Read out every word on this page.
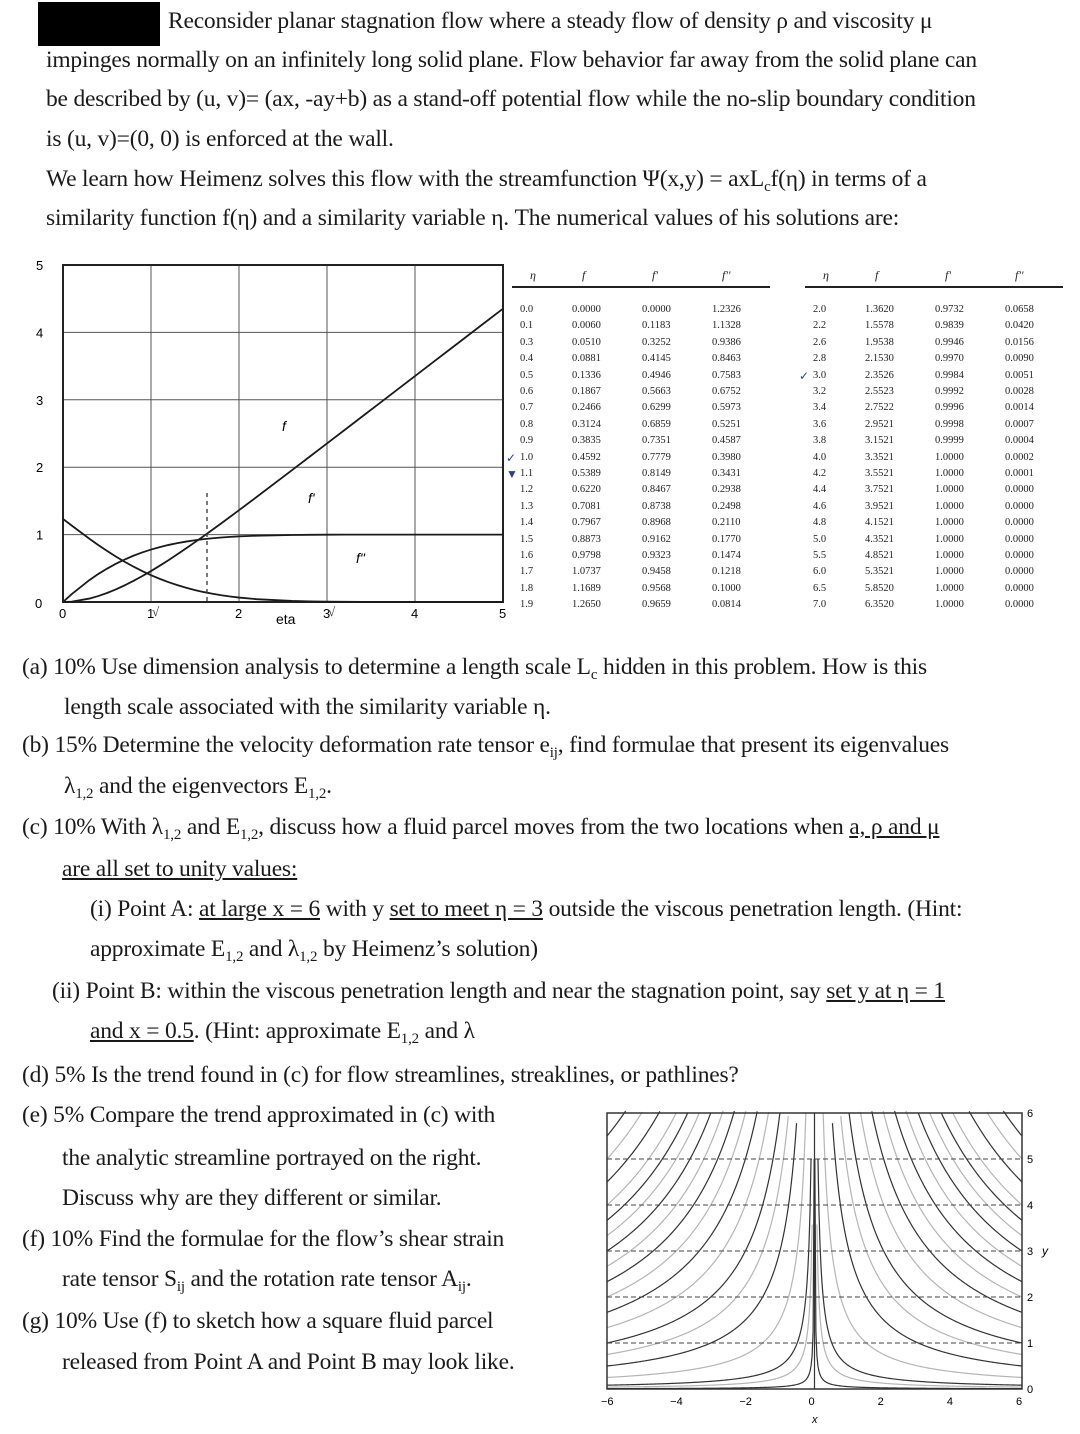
Reconsider planar stagnation flow where a steady flow of density ρ and viscosity μ
impinges normally on an infinitely long solid plane. Flow behavior far away from the solid plane can
be described by (u, v)= (ax, -ay+b) as a stand-off potential flow while the no-slip boundary condition
is (u, v)=(0, 0) is enforced at the wall.
We learn how Heimenz solves this flow with the streamfunction Ψ(x,y) = axL$_c$f(η) in terms of a
similarity function f(η) and a similarity variable η. The numerical values of his solutions are:
0	1	2	3	4	5
0
1
2
3
4
5
f
f'
f"
eta
√	√
η	f	f'	f''
0.0	0.0000	0.0000	1.2326
0.1	0.0060	0.1183	1.1328
0.3	0.0510	0.3252	0.9386
0.4	0.0881	0.4145	0.8463
0.5	0.1336	0.4946	0.7583
0.6	0.1867	0.5663	0.6752
0.7	0.2466	0.6299	0.5973
0.8	0.3124	0.6859	0.5251
0.9	0.3835	0.7351	0.4587
1.0	0.4592	0.7779	0.3980
✓
1.1	0.5389	0.8149	0.3431
▼
1.2	0.6220	0.8467	0.2938
1.3	0.7081	0.8738	0.2498
1.4	0.7967	0.8968	0.2110
1.5	0.8873	0.9162	0.1770
1.6	0.9798	0.9323	0.1474
1.7	1.0737	0.9458	0.1218
1.8	1.1689	0.9568	0.1000
1.9	1.2650	0.9659	0.0814
η	f	f'	f''
2.0	1.3620	0.9732	0.0658
2.2	1.5578	0.9839	0.0420
2.6	1.9538	0.9946	0.0156
2.8	2.1530	0.9970	0.0090
3.0	2.3526	0.9984	0.0051
✓
3.2	2.5523	0.9992	0.0028
3.4	2.7522	0.9996	0.0014
3.6	2.9521	0.9998	0.0007
3.8	3.1521	0.9999	0.0004
4.0	3.3521	1.0000	0.0002
4.2	3.5521	1.0000	0.0001
4.4	3.7521	1.0000	0.0000
4.6	3.9521	1.0000	0.0000
4.8	4.1521	1.0000	0.0000
5.0	4.3521	1.0000	0.0000
5.5	4.8521	1.0000	0.0000
6.0	5.3521	1.0000	0.0000
6.5	5.8520	1.0000	0.0000
7.0	6.3520	1.0000	0.0000
(a) 10% Use dimension analysis to determine a length scale $L_c$ hidden in this problem. How is this
length scale associated with the similarity variable η.
(b) 15% Determine the velocity deformation rate tensor $e_{ij}$, find formulae that present its eigenvalues
$\lambda_{1,2}$ and the eigenvectors $E_{1,2}$.
(c) 10% With $\lambda_{1,2}$ and $E_{1,2}$, discuss how a fluid parcel moves from the two locations when a, ρ and μ
are all set to unity values:
(i) Point A: at large x = 6 with y set to meet η = 3 outside the viscous penetration length. (Hint:
approximate $E_{1,2}$ and $\lambda_{1,2}$ by Heimenz’s solution)
(ii) Point B: within the viscous penetration length and near the stagnation point, say set y at η = 1
and x = 0.5. (Hint: approximate $E_{1,2}$ and λ
(d) 5% Is the trend found in (c) for flow streamlines, streaklines, or pathlines?
(e) 5% Compare the trend approximated in (c) with
the analytic streamline portrayed on the right.
Discuss why are they different or similar.
(f) 10% Find the formulae for the flow’s shear strain
rate tensor $S_{ij}$ and the rotation rate tensor $A_{ij}$.
(g) 10% Use (f) to sketch how a square fluid parcel
released from Point A and Point B may look like.
−6	−4	−2	0	2	4	6
0
1
2
3
4
5
6
x
y
